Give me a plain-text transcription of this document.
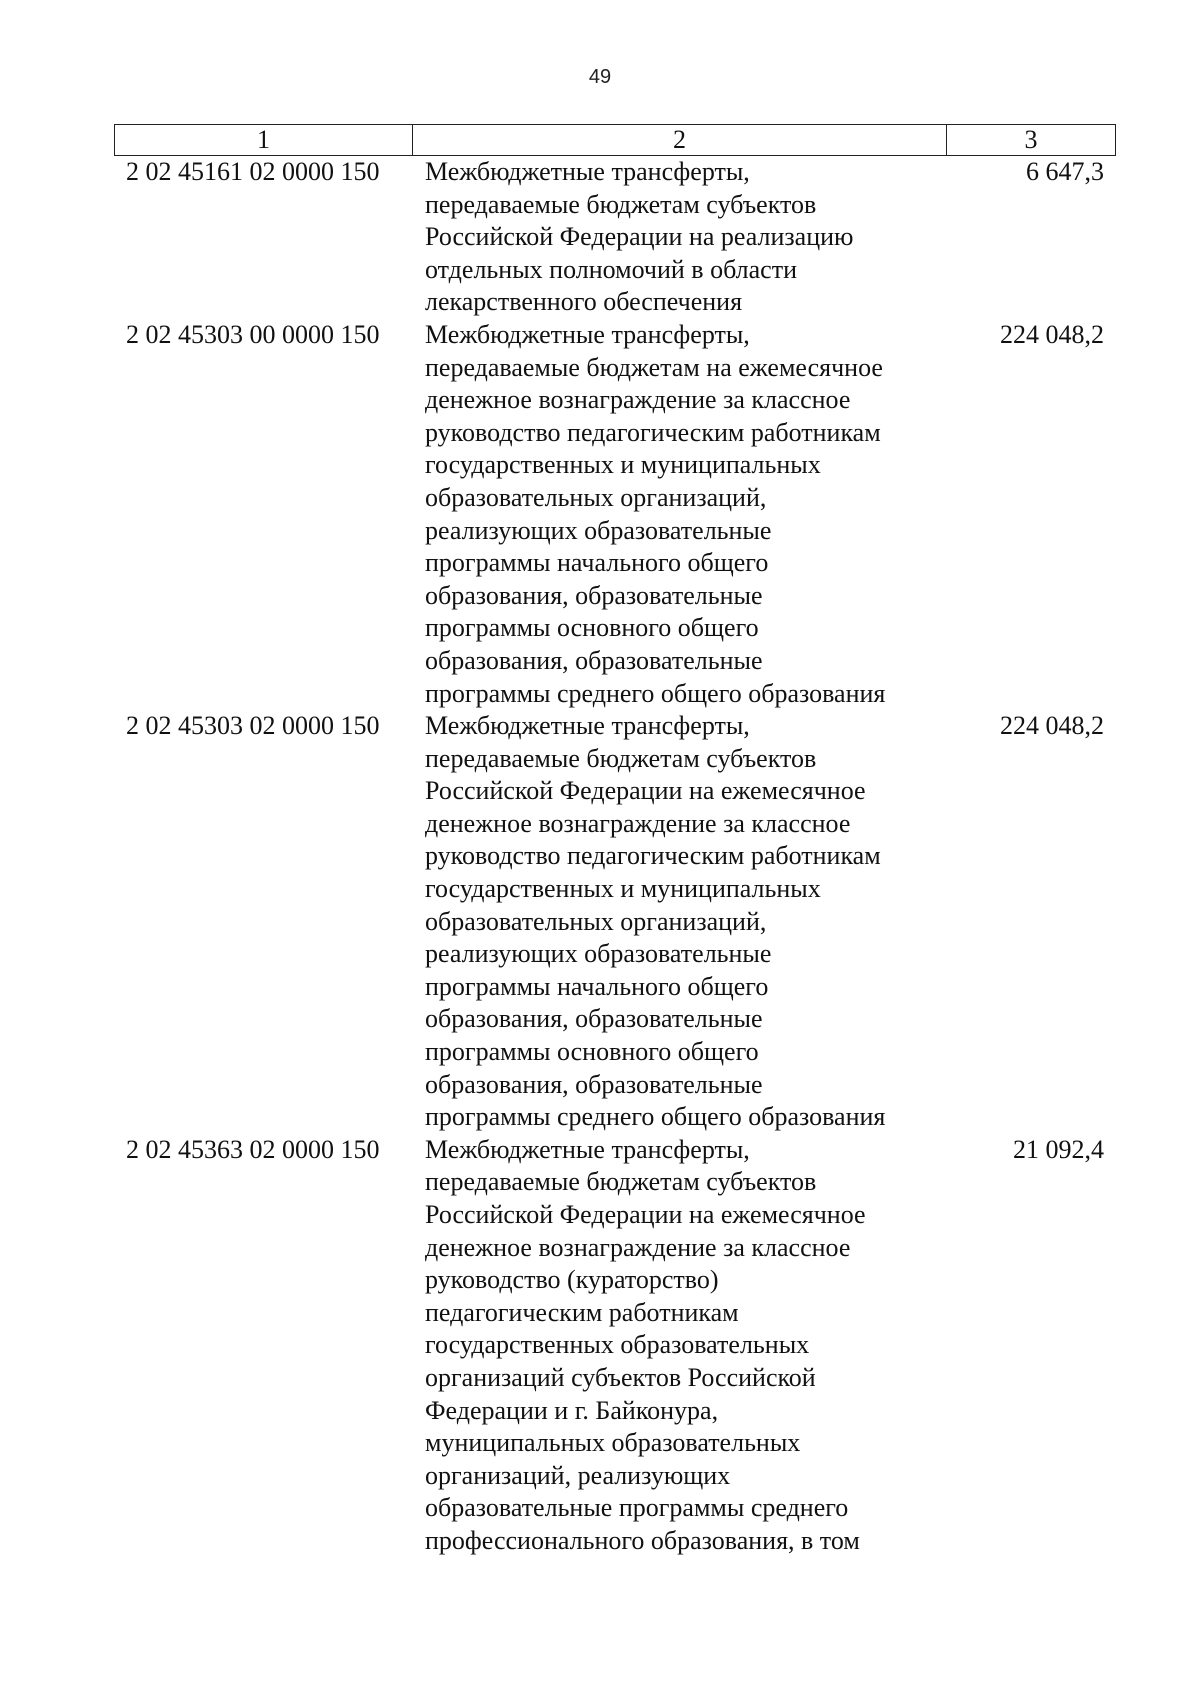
49
1	2	3
2 02 45161 02 0000 150	Межбюджетные трансферты,
передаваемые бюджетам субъектов
Российской Федерации на реализацию
отдельных полномочий в области
лекарственного обеспечения
6 647,3
2 02 45303 00 0000 150	Межбюджетные трансферты,
передаваемые бюджетам на ежемесячное
денежное вознаграждение за классное
руководство педагогическим работникам
государственных и муниципальных
образовательных организаций,
реализующих образовательные
программы начального общего
образования, образовательные
программы основного общего
образования, образовательные
программы среднего общего образования
224 048,2
2 02 45303 02 0000 150	Межбюджетные трансферты,
передаваемые бюджетам субъектов
Российской Федерации на ежемесячное
денежное вознаграждение за классное
руководство педагогическим работникам
государственных и муниципальных
образовательных организаций,
реализующих образовательные
программы начального общего
образования, образовательные
программы основного общего
образования, образовательные
программы среднего общего образования
224 048,2
2 02 45363 02 0000 150	Межбюджетные трансферты,
передаваемые бюджетам субъектов
Российской Федерации на ежемесячное
денежное вознаграждение за классное
руководство (кураторство)
педагогическим работникам
государственных образовательных
организаций субъектов Российской
Федерации и г. Байконура,
муниципальных образовательных
организаций, реализующих
образовательные программы среднего
профессионального образования, в том
21 092,4
